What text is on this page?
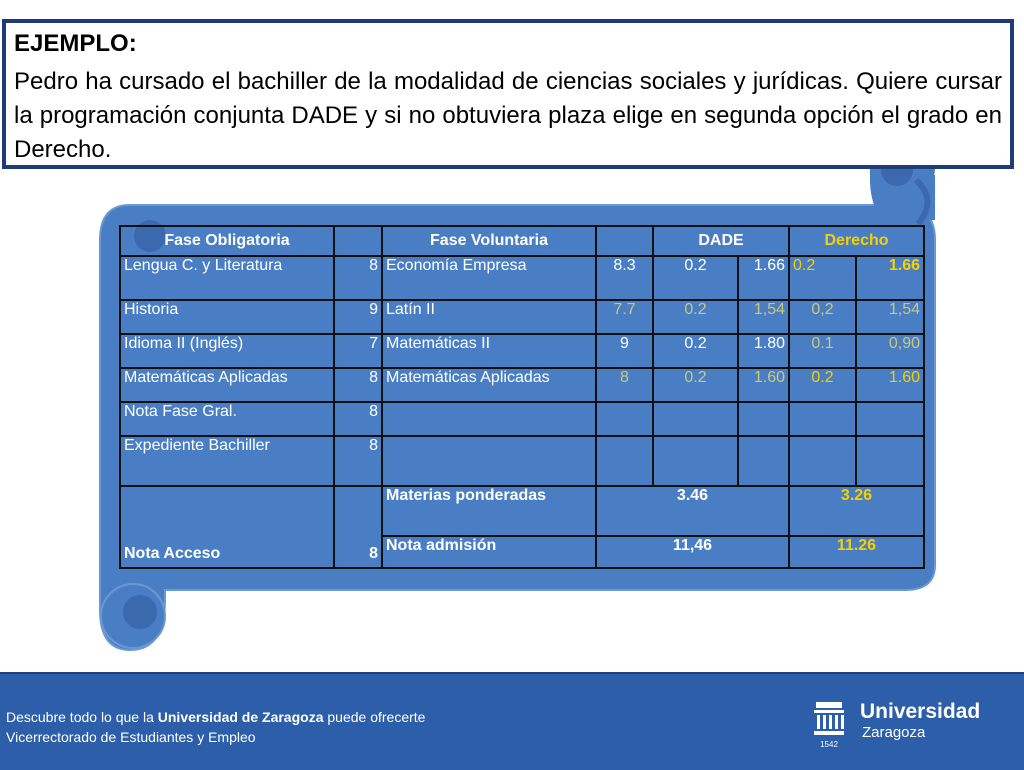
EJEMPLO:
Pedro ha cursado el bachiller de la modalidad de ciencias sociales y jurídicas. Quiere cursar la programación conjunta DADE y si no obtuviera plaza elige en segunda opción el grado en Derecho.
Fase Obligatoria		Fase Voluntaria		DADE		Derecho	
Lengua C. y Literatura	8	Economía Empresa	8.3	0.2	1.66	0.2	1.66
Historia	9	Latín II	7.7	0.2	1,54	0,2	1,54
Idioma II (Inglés)	7	Matemáticas II	9	0.2	1.80	0.1	0,90
Matemáticas Aplicadas	8	Matemáticas Aplicadas	8	0.2	1.60	0.2	1.60
Nota Fase Gral.	8						
Expediente Bachiller	8						
Nota Acceso	8	Materias ponderadas	3.46			3.26	
		Nota admisión	11,46			11.26	
Descubre todo lo que la Universidad de Zaragoza puede ofrecerte
Vicerrectorado de Estudiantes y Empleo	1542
Universidad
Zaragoza
